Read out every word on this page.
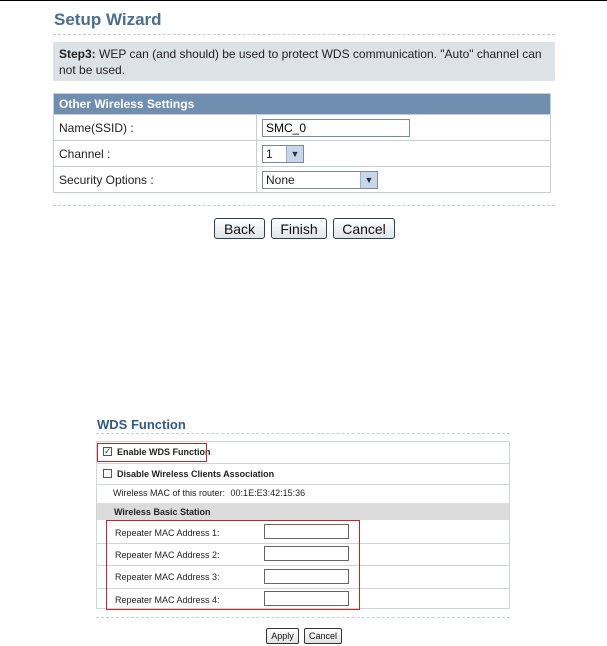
Setup Wizard
Step3: WEP can (and should) be used to protect WDS communication. "Auto" channel can not be used.
Other Wireless Settings	
Name(SSID) :	SMC_0
Channel :	1 ▼

Security Options :	None ▼
Back	Finish	Cancel
WDS Function
✓ Enable WDS Function
Disable Wireless Clients Association
Wireless MAC of this router: 00:1E:E3:42:15:36
Wireless Basic Station
Repeater MAC Address 1:
Repeater MAC Address 2:
Repeater MAC Address 3:
Repeater MAC Address 4:
Apply	Cancel
